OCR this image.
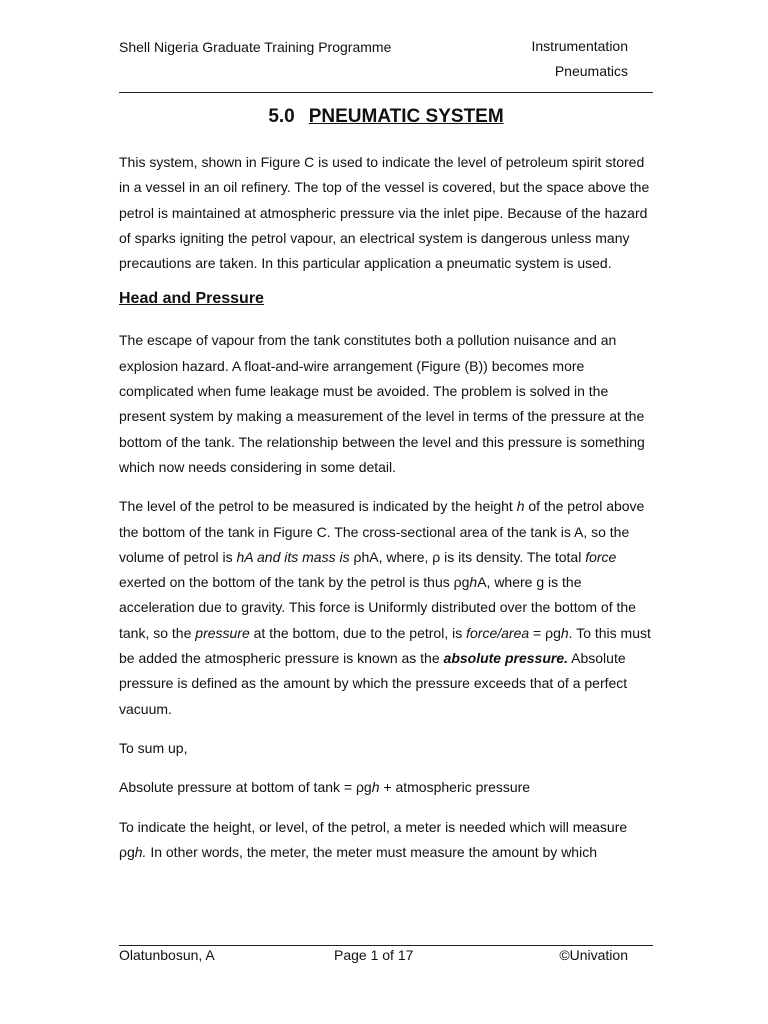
Shell Nigeria Graduate Training Programme	Instrumentation
Pneumatics
5.0 PNEUMATIC SYSTEM

This system, shown in Figure C is used to indicate the level of petroleum spirit stored in a vessel in an oil refinery. The top of the vessel is covered, but the space above the petrol is maintained at atmospheric pressure via the inlet pipe. Because of the hazard of sparks igniting the petrol vapour, an electrical system is dangerous unless many precautions are taken. In this particular application a pneumatic system is used.

Head and Pressure

The escape of vapour from the tank constitutes both a pollution nuisance and an explosion hazard. A float-and-wire arrangement (Figure (B)) becomes more complicated when fume leakage must be avoided. The problem is solved in the present system by making a measurement of the level in terms of the pressure at the bottom of the tank. The relationship between the level and this pressure is something which now needs considering in some detail.

The level of the petrol to be measured is indicated by the height h of the petrol above the bottom of the tank in Figure C. The cross-sectional area of the tank is A, so the volume of petrol is hA and its mass is ρhA, where, ρ is its density. The total force exerted on the bottom of the tank by the petrol is thus ρghA, where g is the acceleration due to gravity. This force is Uniformly distributed over the bottom of the tank, so the pressure at the bottom, due to the petrol, is force/area = ρgh. To this must be added the atmospheric pressure is known as the absolute pressure. Absolute pressure is defined as the amount by which the pressure exceeds that of a perfect vacuum.

To sum up,

Absolute pressure at bottom of tank = ρgh + atmospheric pressure

To indicate the height, or level, of the petrol, a meter is needed which will measure ρgh. In other words, the meter, the meter must measure the amount by which

Olatunbosun, A	Page 1 of 17	©Univation
